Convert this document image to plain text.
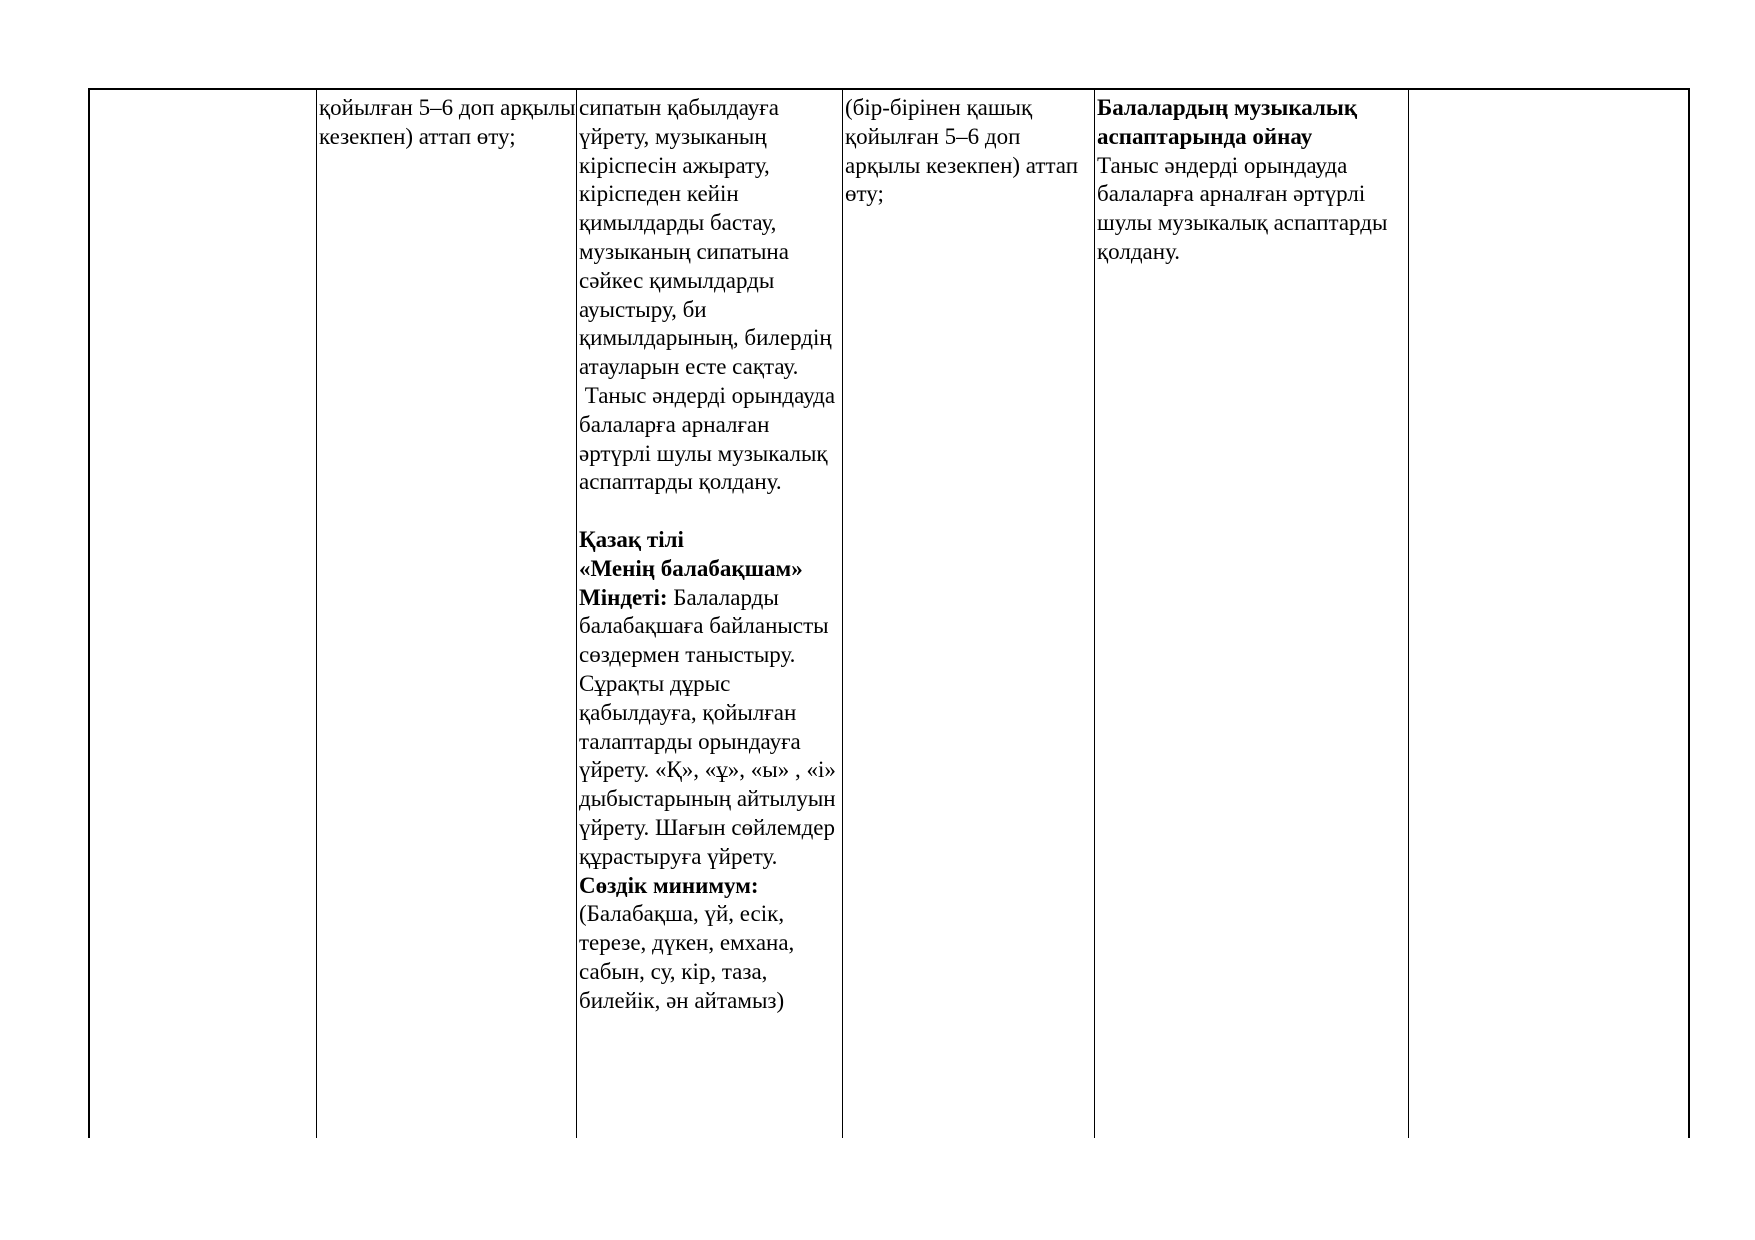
қойылған 5–6 доп арқылы кезекпен) аттап өту;

сипатын қабылдауға үйрету, музыканың кіріспесін ажырату, кіріспеден кейін қимылдарды бастау, музыканың сипатына сәйкес қимылдарды ауыстыру, би қимылдарының, билердің атауларын есте сақтау.

Таныс әндерді орындауда балаларға арналған әртүрлі шулы музыкалық аспаптарды қолдану.

Қазақ тілі

«Менің балабақшам»

Міндеті: Балаларды балабақшаға байланысты сөздермен таныстыру. Сұрақты дұрыс қабылдауға, қойылған талаптарды орындауға үйрету. «Қ», «ұ», «ы» , «і» дыбыстарының айтылуын үйрету. Шағын сөйлемдер құрастыруға үйрету.

Сөздік минимум:

(Балабақша, үй, есік, терезе, дүкен, емхана, сабын, су, кір, таза, билейік, ән айтамыз)

(бір-бірінен қашық қойылған 5–6 доп арқылы кезекпен) аттап өту;

Балалардың музыкалық аспаптарында ойнау

Таныс әндерді орындауда балаларға арналған әртүрлі шулы музыкалық аспаптарды қолдану.
